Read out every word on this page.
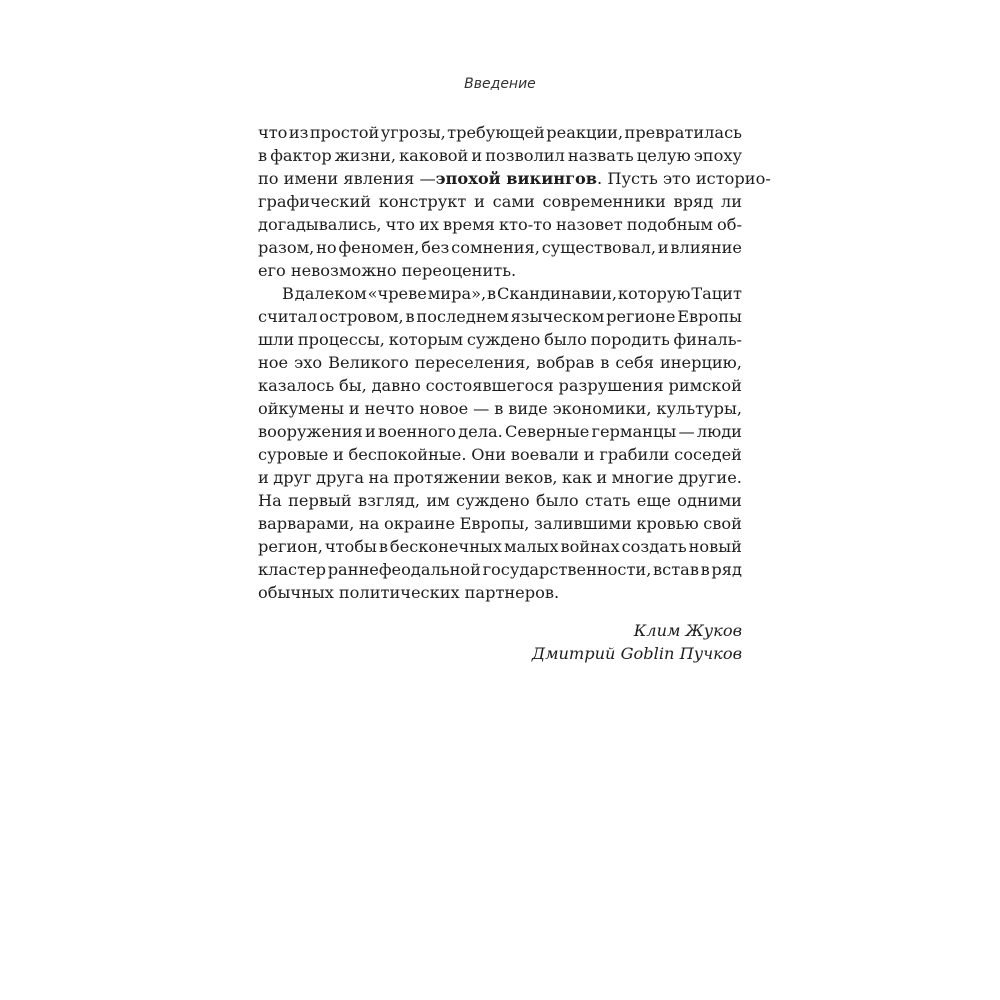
Введение
что из простой угрозы, требующей реакции, превратилась
в фактор жизни, каковой и позволил назвать целую эпоху
по имени явления — эпохой викингов. Пусть это историо-
графический конструкт и сами современники вряд ли
догадывались, что их время кто-то назовет подобным об-
разом, но феномен, без сомнения, существовал, и влияние
его невозможно переоценить.
В далеком «чреве мира», в Скандинавии, которую Тацит
считал островом, в последнем языческом регионе Европы
шли процессы, которым суждено было породить финаль-
ное эхо Великого переселения, вобрав в себя инерцию,
казалось бы, давно состоявшегося разрушения римской
ойкумены и нечто новое — в виде экономики, культуры,
вооружения и военного дела. Северные германцы — люди
суровые и беспокойные. Они воевали и грабили соседей
и друг друга на протяжении веков, как и многие другие.
На первый взгляд, им суждено было стать еще одними
варварами, на окраине Европы, залившими кровью свой
регион, чтобы в бесконечных малых войнах создать новый
кластер раннефеодальной государственности, встав в ряд
обычных политических партнеров.
Клим Жуков
Дмитрий Goblin Пучков
